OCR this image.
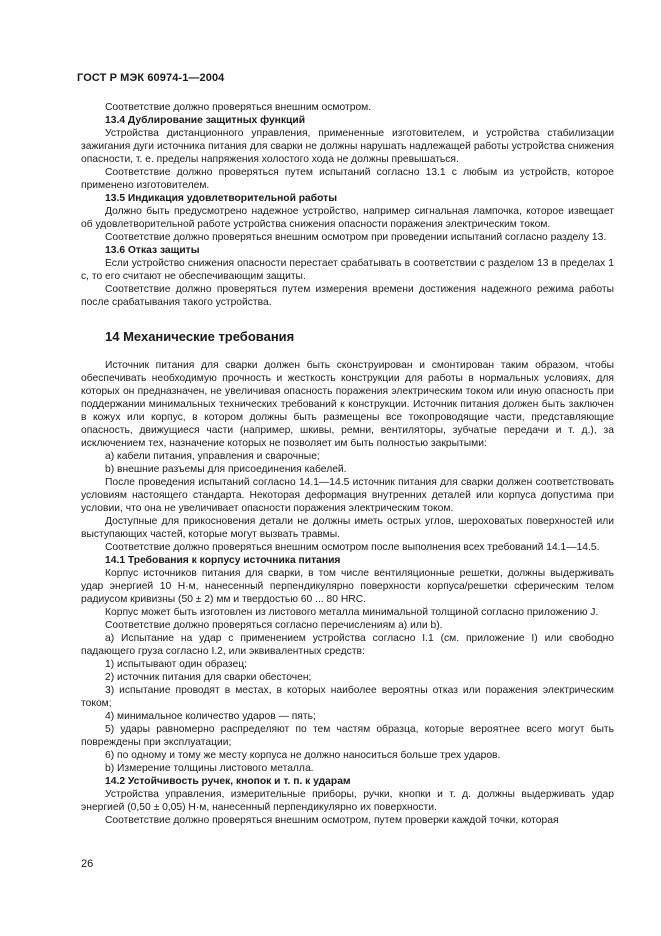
ГОСТ Р МЭК 60974-1—2004
Соответствие должно проверяться внешним осмотром.
13.4 Дублирование защитных функций
Устройства дистанционного управления, примененные изготовителем, и устройства стабилизации зажигания дуги источника питания для сварки не должны нарушать надлежащей работы устройства снижения опасности, т. е. пределы напряжения холостого хода не должны превышаться.
Соответствие должно проверяться путем испытаний согласно 13.1 с любым из устройств, которое применено изготовителем.
13.5 Индикация удовлетворительной работы
Должно быть предусмотрено надежное устройство, например сигнальная лампочка, которое извещает об удовлетворительной работе устройства снижения опасности поражения электрическим током.
Соответствие должно проверяться внешним осмотром при проведении испытаний согласно разделу 13.
13.6 Отказ защиты
Если устройство снижения опасности перестает срабатывать в соответствии с разделом 13 в пределах 1 с, то его считают не обеспечивающим защиты.
Соответствие должно проверяться путем измерения времени достижения надежного режима работы после срабатывания такого устройства.
14 Механические требования
Источник питания для сварки должен быть сконструирован и смонтирован таким образом, чтобы обеспечивать необходимую прочность и жесткость конструкции для работы в нормальных условиях, для которых он предназначен, не увеличивая опасность поражения электрическим током или иную опасность при поддержании минимальных технических требований к конструкции. Источник питания должен быть заключен в кожух или корпус, в котором должны быть размещены все токопроводящие части, представляющие опасность, движущиеся части (например, шкивы, ремни, вентиляторы, зубчатые передачи и т. д.), за исключением тех, назначение которых не позволяет им быть полностью закрытыми:
a) кабели питания, управления и сварочные;
b) внешние разъемы для присоединения кабелей.
После проведения испытаний согласно 14.1—14.5 источник питания для сварки должен соответствовать условиям настоящего стандарта. Некоторая деформация внутренних деталей или корпуса допустима при условии, что она не увеличивает опасности поражения электрическим током.
Доступные для прикосновения детали не должны иметь острых углов, шероховатых поверхностей или выступающих частей, которые могут вызвать травмы.
Соответствие должно проверяться внешним осмотром после выполнения всех требований 14.1—14.5.
14.1 Требования к корпусу источника питания
Корпус источников питания для сварки, в том числе вентиляционные решетки, должны выдерживать удар энергией 10 Н·м, нанесенный перпендикулярно поверхности корпуса/решетки сферическим телом радиусом кривизны (50 ± 2) мм и твердостью 60 ... 80 HRC.
Корпус может быть изготовлен из листового металла минимальной толщиной согласно приложению J.
Соответствие должно проверяться согласно перечислениям a) или b).
a) Испытание на удар с применением устройства согласно I.1 (см. приложение I) или свободно падающего груза согласно I.2, или эквивалентных средств:
1) испытывают один образец;
2) источник питания для сварки обесточен;
3) испытание проводят в местах, в которых наиболее вероятны отказ или поражения электрическим током;
4) минимальное количество ударов — пять;
5) удары равномерно распределяют по тем частям образца, которые вероятнее всего могут быть повреждены при эксплуатации;
6) по одному и тому же месту корпуса не должно наноситься больше трех ударов.
b) Измерение толщины листового металла.
14.2 Устойчивость ручек, кнопок и т. п. к ударам
Устройства управления, измерительные приборы, ручки, кнопки и т. д. должны выдерживать удар энергией (0,50 ± 0,05) Н·м, нанесенный перпендикулярно их поверхности.
Соответствие должно проверяться внешним осмотром, путем проверки каждой точки, которая
26
